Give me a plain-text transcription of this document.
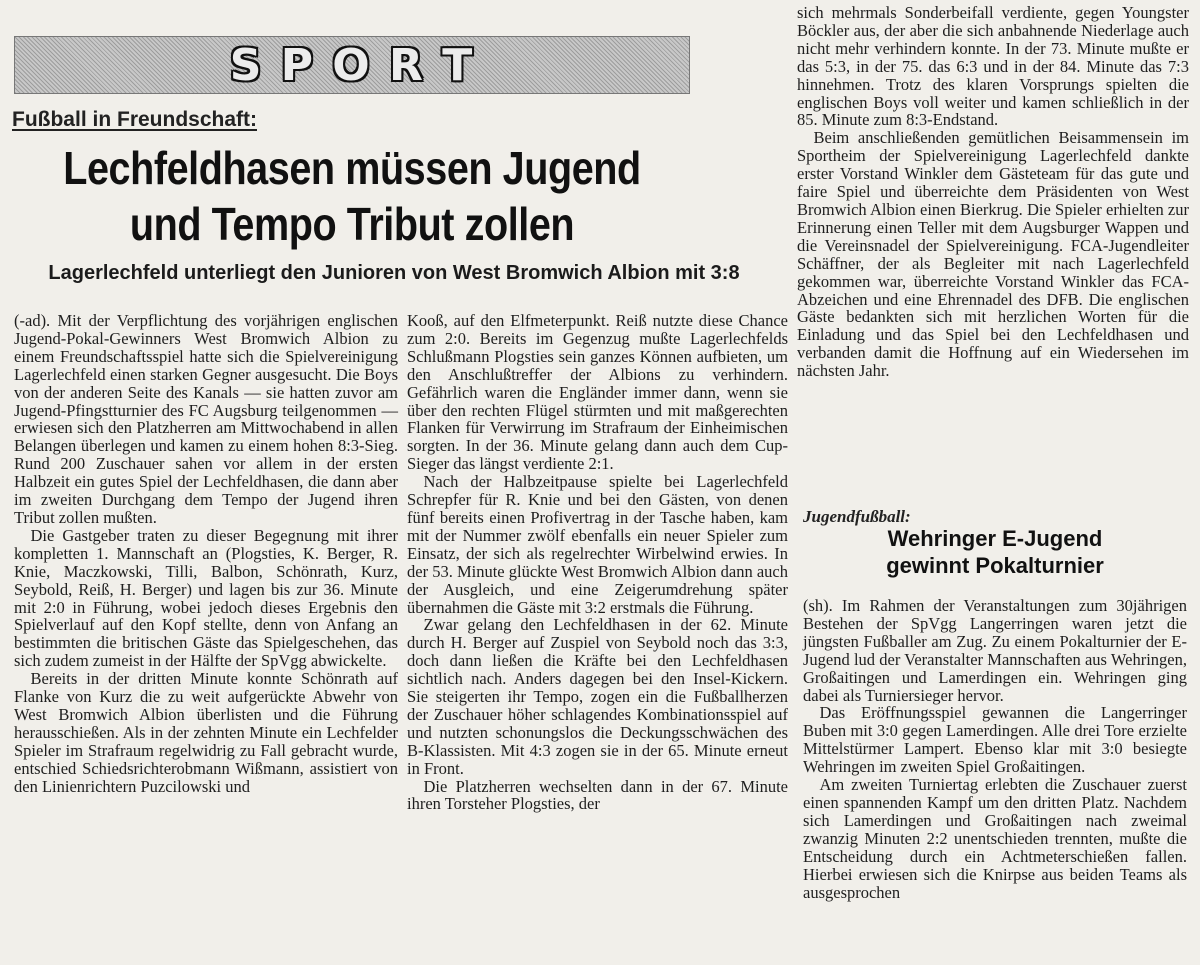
S P O R T
Fußball in Freundschaft:
Lechfeldhasen müssen Jugend
und Tempo Tribut zollen
Lagerlechfeld unterliegt den Junioren von West Bromwich Albion mit 3:8

(-ad). Mit der Verpflichtung des vorjährigen englischen Jugend-Pokal-Gewinners West Bromwich Albion zu einem Freundschaftsspiel hatte sich die Spielvereinigung Lagerlechfeld einen starken Gegner ausgesucht. Die Boys von der anderen Seite des Kanals — sie hatten zuvor am Jugend-Pfingstturnier des FC Augsburg teilgenommen — erwiesen sich den Platzherren am Mittwochabend in allen Belangen überlegen und kamen zu einem hohen 8:3-Sieg. Rund 200 Zuschauer sahen vor allem in der ersten Halbzeit ein gutes Spiel der Lechfeldhasen, die dann aber im zweiten Durchgang dem Tempo der Jugend ihren Tribut zollen mußten.

Die Gastgeber traten zu dieser Begegnung mit ihrer kompletten 1. Mannschaft an (Plogsties, K. Berger, R. Knie, Maczkowski, Tilli, Balbon, Schönrath, Kurz, Seybold, Reiß, H. Berger) und lagen bis zur 36. Minute mit 2:0 in Führung, wobei jedoch dieses Ergebnis den Spielverlauf auf den Kopf stellte, denn von Anfang an bestimmten die britischen Gäste das Spielgeschehen, das sich zudem zumeist in der Hälfte der SpVgg abwickelte.

Bereits in der dritten Minute konnte Schönrath auf Flanke von Kurz die zu weit aufgerückte Abwehr von West Bromwich Albion überlisten und die Führung herausschießen. Als in der zehnten Minute ein Lechfelder Spieler im Strafraum regelwidrig zu Fall gebracht wurde, entschied Schiedsrichterobmann Wißmann, assistiert von den Linienrichtern Puzcilowski und

Kooß, auf den Elfmeterpunkt. Reiß nutzte diese Chance zum 2:0. Bereits im Gegenzug mußte Lagerlechfelds Schlußmann Plogsties sein ganzes Können aufbieten, um den Anschlußtreffer der Albions zu verhindern. Gefährlich waren die Engländer immer dann, wenn sie über den rechten Flügel stürmten und mit maßgerechten Flanken für Verwirrung im Strafraum der Einheimischen sorgten. In der 36. Minute gelang dann auch dem Cup-Sieger das längst verdiente 2:1.

Nach der Halbzeitpause spielte bei Lagerlechfeld Schrepfer für R. Knie und bei den Gästen, von denen fünf bereits einen Profivertrag in der Tasche haben, kam mit der Nummer zwölf ebenfalls ein neuer Spieler zum Einsatz, der sich als regelrechter Wirbelwind erwies. In der 53. Minute glückte West Bromwich Albion dann auch der Ausgleich, und eine Zeigerumdrehung später übernahmen die Gäste mit 3:2 erstmals die Führung.

Zwar gelang den Lechfeldhasen in der 62. Minute durch H. Berger auf Zuspiel von Seybold noch das 3:3, doch dann ließen die Kräfte bei den Lechfeldhasen sichtlich nach. Anders dagegen bei den Insel-Kickern. Sie steigerten ihr Tempo, zogen ein die Fußballherzen der Zuschauer höher schlagendes Kombinationsspiel auf und nutzten schonungslos die Deckungsschwächen des B-Klassisten. Mit 4:3 zogen sie in der 65. Minute erneut in Front.

Die Platzherren wechselten dann in der 67. Minute ihren Torsteher Plogsties, der

sich mehrmals Sonderbeifall verdiente, gegen Youngster Böckler aus, der aber die sich anbahnende Niederlage auch nicht mehr verhindern konnte. In der 73. Minute mußte er das 5:3, in der 75. das 6:3 und in der 84. Minute das 7:3 hinnehmen. Trotz des klaren Vorsprungs spielten die englischen Boys voll weiter und kamen schließlich in der 85. Minute zum 8:3-Endstand.

Beim anschließenden gemütlichen Beisammensein im Sportheim der Spielvereinigung Lagerlechfeld dankte erster Vorstand Winkler dem Gästeteam für das gute und faire Spiel und überreichte dem Präsidenten von West Bromwich Albion einen Bierkrug. Die Spieler erhielten zur Erinnerung einen Teller mit dem Augsburger Wappen und die Vereinsnadel der Spielvereinigung. FCA-Jugendleiter Schäffner, der als Begleiter mit nach Lagerlechfeld gekommen war, überreichte Vorstand Winkler das FCA-Abzeichen und eine Ehrennadel des DFB. Die englischen Gäste bedankten sich mit herzlichen Worten für die Einladung und das Spiel bei den Lechfeldhasen und verbanden damit die Hoffnung auf ein Wiedersehen im nächsten Jahr.

Jugendfußball:
Wehringer E-Jugend
gewinnt Pokalturnier

(sh). Im Rahmen der Veranstaltungen zum 30jährigen Bestehen der SpVgg Langerringen waren jetzt die jüngsten Fußballer am Zug. Zu einem Pokalturnier der E-Jugend lud der Veranstalter Mannschaften aus Wehringen, Großaitingen und Lamerdingen ein. Wehringen ging dabei als Turniersieger hervor.

Das Eröffnungsspiel gewannen die Langerringer Buben mit 3:0 gegen Lamerdingen. Alle drei Tore erzielte Mittelstürmer Lampert. Ebenso klar mit 3:0 besiegte Wehringen im zweiten Spiel Großaitingen.

Am zweiten Turniertag erlebten die Zuschauer zuerst einen spannenden Kampf um den dritten Platz. Nachdem sich Lamerdingen und Großaitingen nach zweimal zwanzig Minuten 2:2 unentschieden trennten, mußte die Entscheidung durch ein Achtmeterschießen fallen. Hierbei erwiesen sich die Knirpse aus beiden Teams als ausgesprochen
